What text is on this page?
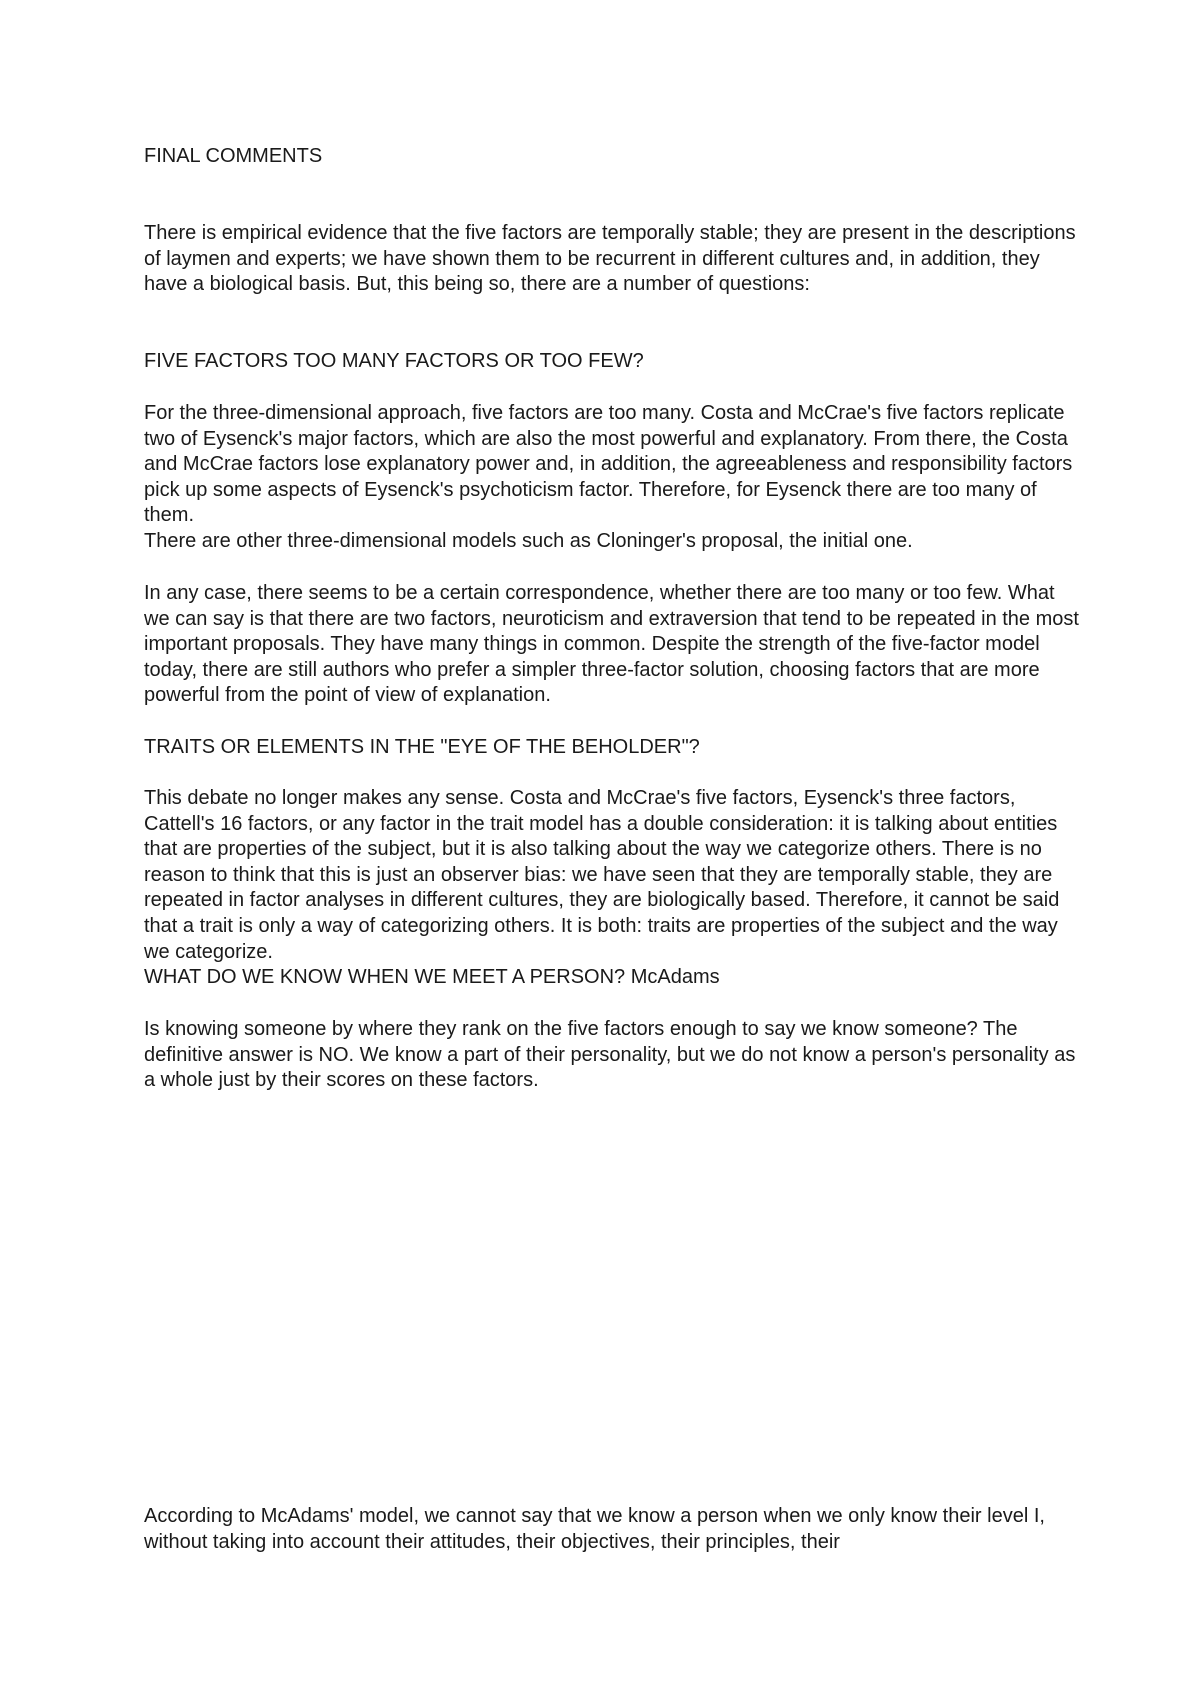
FINAL COMMENTS

There is empirical evidence that the five factors are temporally stable; they are present in the descriptions of laymen and experts; we have shown them to be recurrent in different cultures and, in addition, they have a biological basis. But, this being so, there are a number of questions:

FIVE FACTORS TOO MANY FACTORS OR TOO FEW?

For the three-dimensional approach, five factors are too many. Costa and McCrae's five factors replicate two of Eysenck's major factors, which are also the most powerful and explanatory. From there, the Costa and McCrae factors lose explanatory power and, in addition, the agreeableness and responsibility factors pick up some aspects of Eysenck's psychoticism factor. Therefore, for Eysenck there are too many of them.
There are other three-dimensional models such as Cloninger's proposal, the initial one.

In any case, there seems to be a certain correspondence, whether there are too many or too few. What we can say is that there are two factors, neuroticism and extraversion that tend to be repeated in the most important proposals. They have many things in common. Despite the strength of the five-factor model today, there are still authors who prefer a simpler three-factor solution, choosing factors that are more powerful from the point of view of explanation.

TRAITS OR ELEMENTS IN THE "EYE OF THE BEHOLDER"?

This debate no longer makes any sense. Costa and McCrae's five factors, Eysenck's three factors, Cattell's 16 factors, or any factor in the trait model has a double consideration: it is talking about entities that are properties of the subject, but it is also talking about the way we categorize others. There is no reason to think that this is just an observer bias: we have seen that they are temporally stable, they are repeated in factor analyses in different cultures, they are biologically based. Therefore, it cannot be said that a trait is only a way of categorizing others. It is both: traits are properties of the subject and the way we categorize.

WHAT DO WE KNOW WHEN WE MEET A PERSON? McAdams

Is knowing someone by where they rank on the five factors enough to say we know someone? The definitive answer is NO. We know a part of their personality, but we do not know a person's personality as a whole just by their scores on these factors.

According to McAdams' model, we cannot say that we know a person when we only know their level I, without taking into account their attitudes, their objectives, their principles, their
